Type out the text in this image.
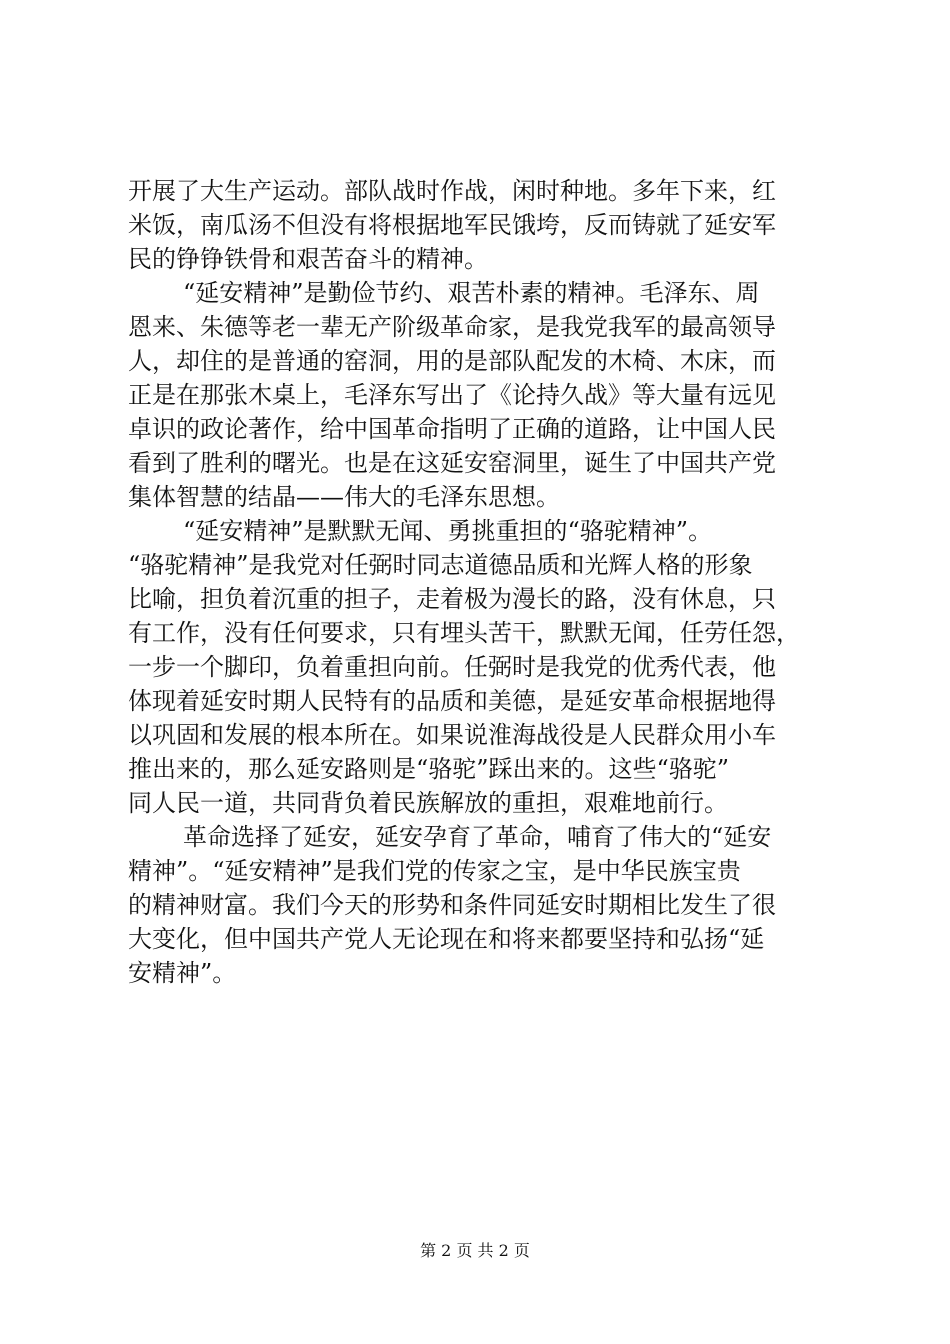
开展了大生产运动。部队战时作战，闲时种地。多年下来，红
米饭，南瓜汤不但没有将根据地军民饿垮，反而铸就了延安军
民的铮铮铁骨和艰苦奋斗的精神。
“延安精神”是勤俭节约、艰苦朴素的精神。毛泽东、周
恩来、朱德等老一辈无产阶级革命家，是我党我军的最高领导
人，却住的是普通的窑洞，用的是部队配发的木椅、木床，而
正是在那张木桌上，毛泽东写出了《论持久战》等大量有远见
卓识的政论著作，给中国革命指明了正确的道路，让中国人民
看到了胜利的曙光。也是在这延安窑洞里，诞生了中国共产党
集体智慧的结晶——伟大的毛泽东思想。
“延安精神”是默默无闻、勇挑重担的“骆驼精神”。
“骆驼精神”是我党对任弼时同志道德品质和光辉人格的形象
比喻，担负着沉重的担子，走着极为漫长的路，没有休息，只
有工作，没有任何要求，只有埋头苦干，默默无闻，任劳任怨，
一步一个脚印，负着重担向前。任弼时是我党的优秀代表，他
体现着延安时期人民特有的品质和美德，是延安革命根据地得
以巩固和发展的根本所在。如果说淮海战役是人民群众用小车
推出来的，那么延安路则是“骆驼”踩出来的。这些“骆驼”
同人民一道，共同背负着民族解放的重担，艰难地前行。
革命选择了延安，延安孕育了革命，哺育了伟大的“延安
精神”。“延安精神”是我们党的传家之宝，是中华民族宝贵
的精神财富。我们今天的形势和条件同延安时期相比发生了很
大变化，但中国共产党人无论现在和将来都要坚持和弘扬“延
安精神”。
第 2 页 共 2 页
